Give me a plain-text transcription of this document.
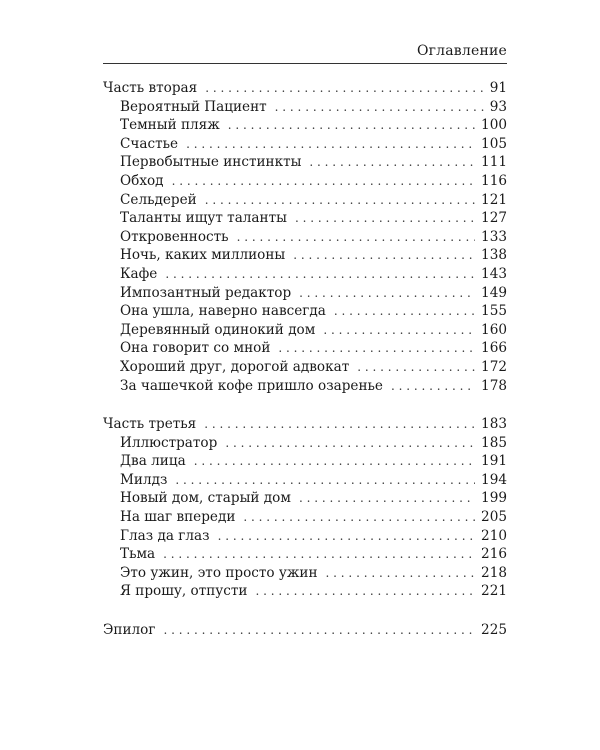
Оглавление
Часть вторая . . .	91
Вероятный Пациент . . .	93
Темный пляж . . .	100
Счастье . . .	105
Первобытные инстинкты . . .	111
Обход . . .	116
Сельдерей . . .	121
Таланты ищут таланты . . .	127
Откровенность . . .	133
Ночь, каких миллионы . . .	138
Кафе . . .	143
Импозантный редактор . . .	149
Она ушла, наверно навсегда . . .	155
Деревянный одинокий дом . . .	160
Она говорит со мной . . .	166
Хороший друг, дорогой адвокат . . .	172
За чашечкой кофе пришло озаренье . . .	178
Часть третья . . .	183
Иллюстратор . . .	185
Два лица . . .	191
Милдз . . .	194
Новый дом, старый дом . . .	199
На шаг впереди . . .	205
Глаз да глаз . . .	210
Тьма . . .	216
Это ужин, это просто ужин . . .	218
Я прошу, отпусти . . .	221
Эпилог . . .	225
